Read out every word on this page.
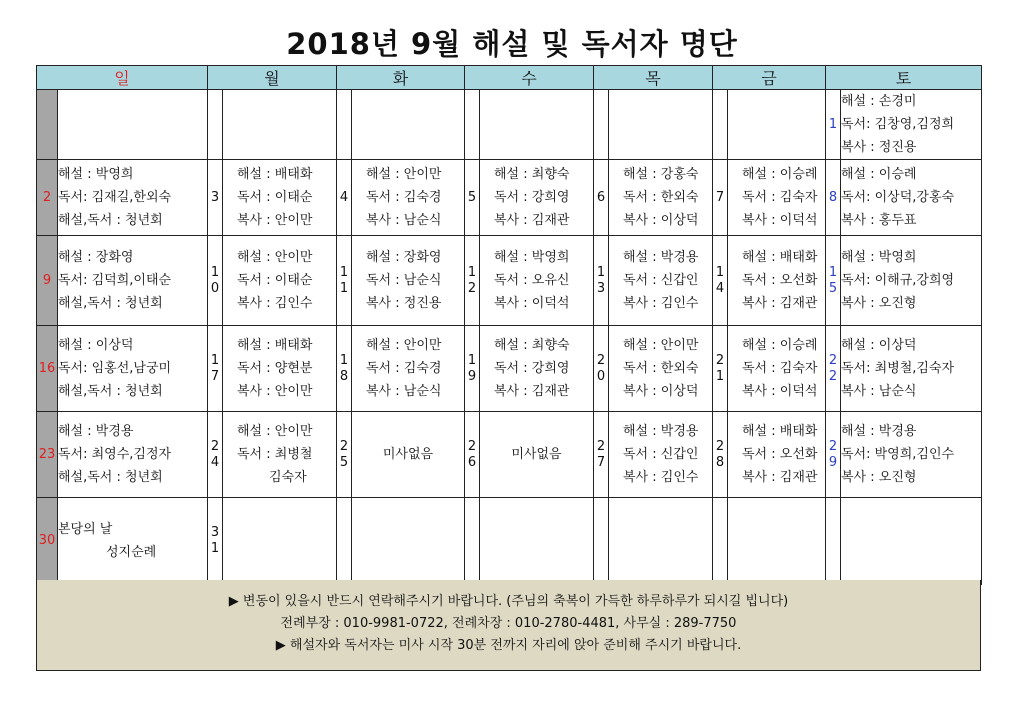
2018년 9월 해설 및 독서자 명단
일		월		화		수		목		금		토	
												1	해설 : 손경미
독서: 김창영,김정희
복사 : 정진용

2	해설 : 박영희
독서: 김재길,한외숙
해설,독서 : 청년회	3	해설 : 배태화
독서 : 이태순
복사 : 안이만	4	해설 : 안이만
독서 : 김숙경
복사 : 남순식	5	해설 : 최향숙
독서 : 강희영
복사 : 김재관	6	해설 : 강홍숙
독서 : 한외숙
복사 : 이상덕	7	해설 : 이승례
독서 : 김숙자
복사 : 이덕석	8	해설 : 이승례
독서: 이상덕,강홍숙
복사 : 홍두표

9	해설 : 장화영
독서: 김덕희,이태순
해설,독서 : 청년회	10	해설 : 안이만
독서 : 이태순
복사 : 김인수	11	해설 : 장화영
독서 : 남순식
복사 : 정진용	12	해설 : 박영희
독서 : 오유신
복사 : 이덕석	13	해설 : 박경용
독서 : 신갑인
복사 : 김인수	14	해설 : 배태화
독서 : 오선화
복사 : 김재관	15	해설 : 박영희
독서: 이해규,강희영
복사 : 오진형

16	해설 : 이상덕
독서: 임홍선,남궁미
해설,독서 : 청년회	17	해설 : 배태화
독서 : 양현분
복사 : 안이만	18	해설 : 안이만
독서 : 김숙경
복사 : 남순식	19	해설 : 최향숙
독서 : 강희영
복사 : 김재관	20	해설 : 안이만
독서 : 한외숙
복사 : 이상덕	21	해설 : 이승례
독서 : 김숙자
복사 : 이덕석	22	해설 : 이상덕
독서: 최병철,김숙자
복사 : 남순식

23	해설 : 박경용
독서: 최영수,김정자
해설,독서 : 청년회	24	해설 : 안이만
독서 : 최병철
김숙자	25	미사없음	26	미사없음	27	해설 : 박경용
독서 : 신갑인
복사 : 김인수	28	해설 : 배태화
독서 : 오선화
복사 : 김재관	29	해설 : 박경용
독서: 박영희,김인수
복사 : 오진형

30	본당의 날
성지순례	31											
▶ 변동이 있을시 반드시 연락해주시기 바랍니다. (주님의 축복이 가득한 하루하루가 되시길 빕니다)
전례부장 : 010-9981-0722, 전례차장 : 010-2780-4481, 사무실 : 289-7750
▶ 해설자와 독서자는 미사 시작 30분 전까지 자리에 앉아 준비해 주시기 바랍니다.
